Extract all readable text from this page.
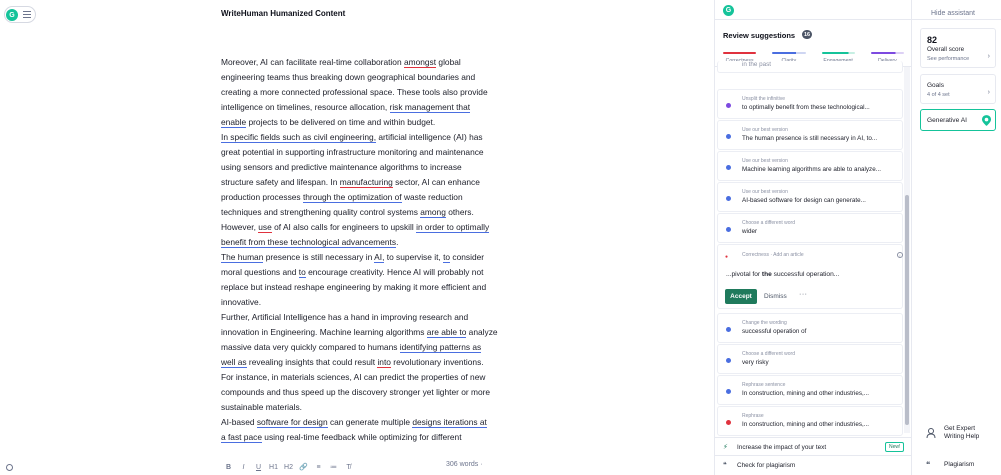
G	WriteHuman Humanized Content
Moreover, AI can facilitate real-time collaboration amongst global
engineering teams thus breaking down geographical boundaries and
creating a more connected professional space. These tools also provide
intelligence on timelines, resource allocation, risk management that
enable projects to be delivered on time and within budget.
In specific fields such as civil engineering, artificial intelligence (AI) has
great potential in supporting infrastructure monitoring and maintenance
using sensors and predictive maintenance algorithms to increase
structure safety and lifespan. In manufacturing sector, AI can enhance
production processes through the optimization of waste reduction
techniques and strengthening quality control systems among others.
However, use of AI also calls for engineers to upskill in order to optimally
benefit from these technological advancements.
The human presence is still necessary in AI, to supervise it, to consider
moral questions and to encourage creativity. Hence AI will probably not
replace but instead reshape engineering by making it more efficient and
innovative.
Further, Artificial Intelligence has a hand in improving research and
innovation in Engineering. Machine learning algorithms are able to analyze
massive data very quickly compared to humans identifying patterns as
well as revealing insights that could result into revolutionary inventions.
For instance, in materials sciences, AI can predict the properties of new
compounds and thus speed up the discovery stronger yet lighter or more
sustainable materials.
AI-based software for design can generate multiple designs iterations at
a fast pace using real-time feedback while optimizing for different
B	I	U	H1 H2 🔗	≡	≔	T̸	306 words ·
G
Review suggestions	16
in the past
Unsplit the infinitive
to optimally benefit from these technological...
Use our best version
The human presence is still necessary in AI, to...
Use our best version
Machine learning algorithms are able to analyze...
Use our best version
AI-based software for design can generate...
Choose a different word
wider
●	Correctness · Add an article	i
...pivotal for the successful operation...
Accept	Dismiss ···
Change the wording
successful operation of
Choose a different word
very risky
Rephrase sentence
In construction, mining and other industries,...
Rephrase
In construction, mining and other industries,...
⚡ Increase the impact of your text	New!
❝ Check for plagiarism
Hide assistant
82
Overall score
See performance	›
Goals
4 of 4 set	›
Generative AI
Get Expert
Writing Help
❝ Plagiarism
